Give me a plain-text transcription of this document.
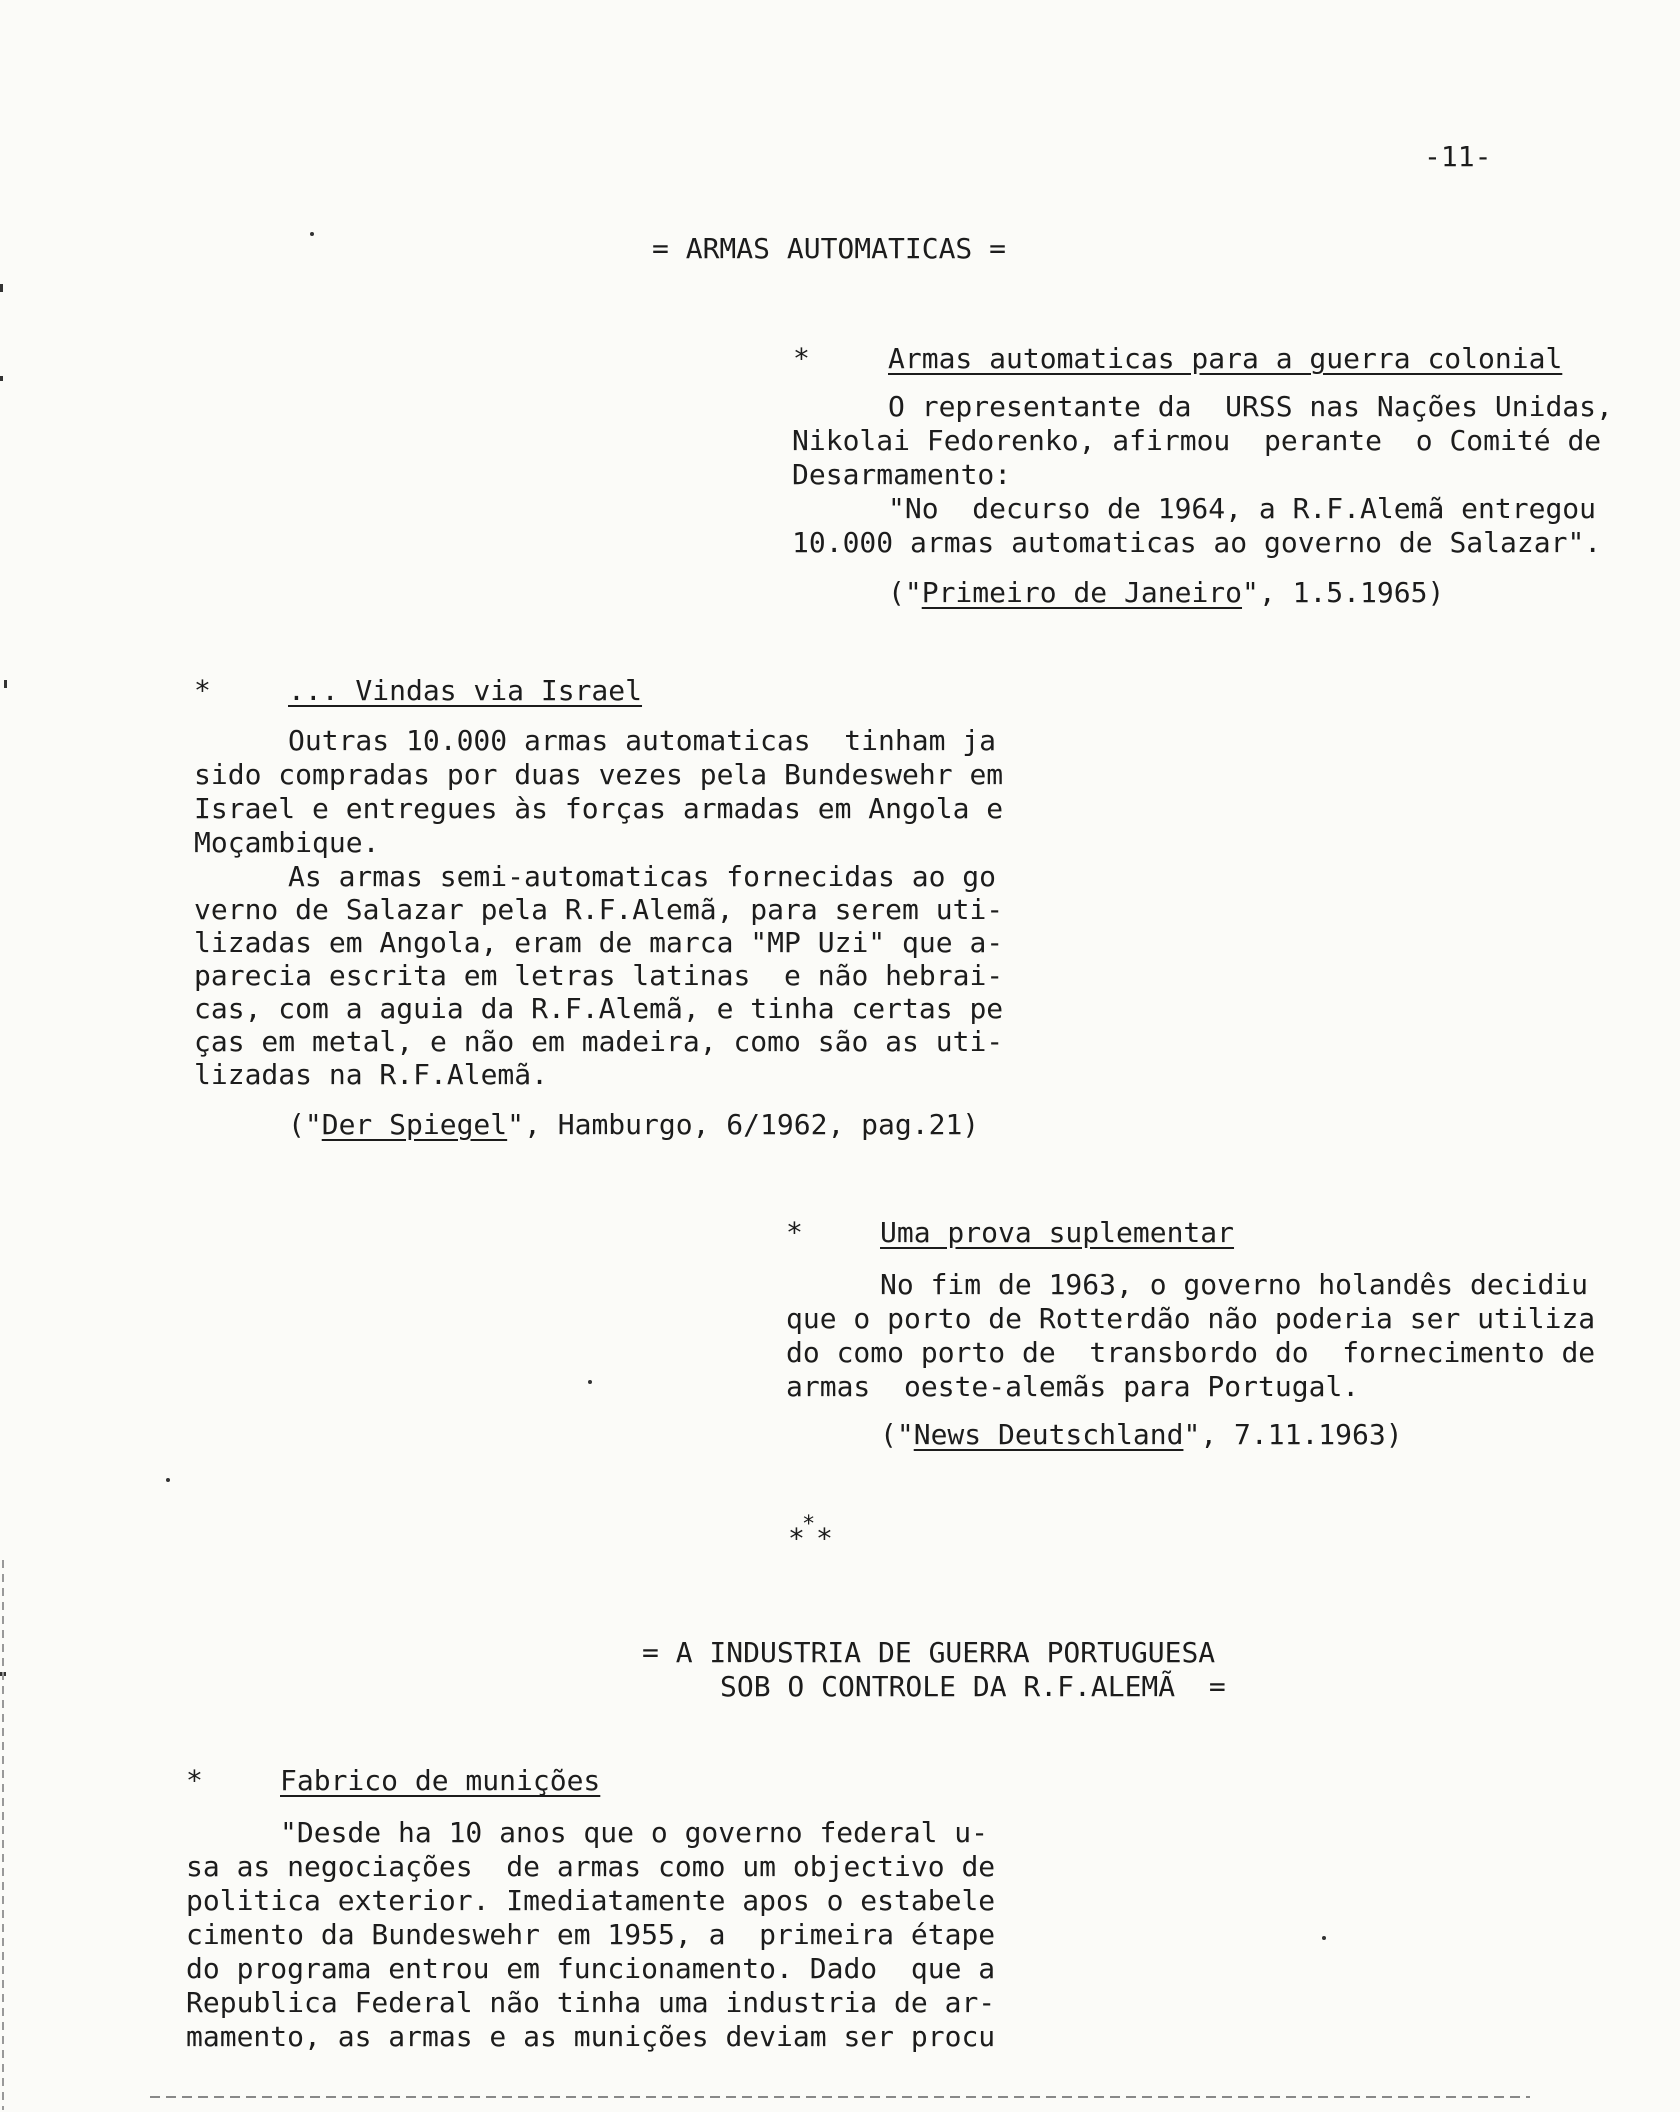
-11-
= ARMAS AUTOMATICAS =
*	Armas automaticas para a guerra colonial
O representante da  URSS nas Nações Unidas,
Nikolai Fedorenko, afirmou  perante  o Comité de
Desarmamento:
"No  decurso de 1964, a R.F.Alemã entregou
10.000 armas automaticas ao governo de Salazar".
("Primeiro de Janeiro", 1.5.1965)
*	... Vindas via Israel
Outras 10.000 armas automaticas  tinham ja
sido compradas por duas vezes pela Bundeswehr em
Israel e entregues às forças armadas em Angola e
Moçambique.
As armas semi-automaticas fornecidas ao go
verno de Salazar pela R.F.Alemã, para serem uti-
lizadas em Angola, eram de marca "MP Uzi" que a-
parecia escrita em letras latinas  e não hebrai-
cas, com a aguia da R.F.Alemã, e tinha certas pe
ças em metal, e não em madeira, como são as uti-
lizadas na R.F.Alemã.
("Der Spiegel", Hamburgo, 6/1962, pag.21)
*	Uma prova suplementar
No fim de 1963, o governo holandês decidiu
que o porto de Rotterdão não poderia ser utiliza
do como porto de  transbordo do  fornecimento de
armas  oeste-alemãs para Portugal.
("News Deutschland", 7.11.1963)
*
* *
= A INDUSTRIA DE GUERRA PORTUGUESA
SOB O CONTROLE DA R.F.ALEMÃ  =
*	Fabrico de munições
"Desde ha 10 anos que o governo federal u-
sa as negociações  de armas como um objectivo de
politica exterior. Imediatamente apos o estabele
cimento da Bundeswehr em 1955, a  primeira étape
do programa entrou em funcionamento. Dado  que a
Republica Federal não tinha uma industria de ar-
mamento, as armas e as munições deviam ser procu
